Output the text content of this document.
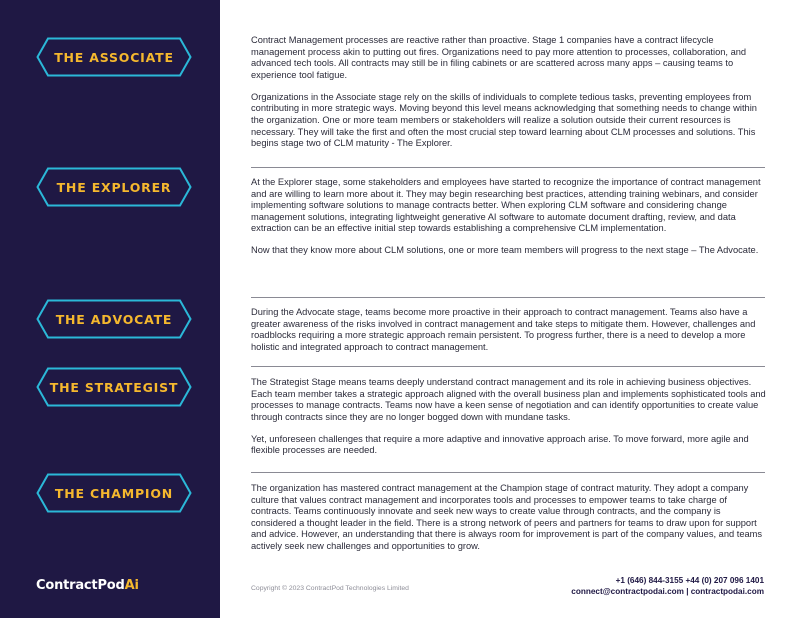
THE ASSOCIATE
THE EXPLORER
THE ADVOCATE
THE STRATEGIST
THE CHAMPION
ContractPodAi

Contract Management processes are reactive rather than proactive. Stage 1 companies have a contract lifecycle management process akin to putting out fires. Organizations need to pay more attention to processes, collaboration, and advanced tech tools. All contracts may still be in filing cabinets or are scattered across many apps – causing teams to experience tool fatigue.

Organizations in the Associate stage rely on the skills of individuals to complete tedious tasks, preventing employees from contributing in more strategic ways. Moving beyond this level means acknowledging that something needs to change within the organization. One or more team members or stakeholders will realize a solution outside their current resources is necessary. They will take the first and often the most crucial step toward learning about CLM processes and solutions. This begins stage two of CLM maturity - The Explorer.

At the Explorer stage, some stakeholders and employees have started to recognize the importance of contract management and are willing to learn more about it. They may begin researching best practices, attending training webinars, and consider implementing software solutions to manage contracts better. When exploring CLM software and considering change management solutions, integrating lightweight generative AI software to automate document drafting, review, and data extraction can be an effective initial step towards establishing a comprehensive CLM implementation.

Now that they know more about CLM solutions, one or more team members will progress to the next stage – The Advocate.

During the Advocate stage, teams become more proactive in their approach to contract management. Teams also have a greater awareness of the risks involved in contract management and take steps to mitigate them. However, challenges and roadblocks requiring a more strategic approach remain persistent. To progress further, there is a need to develop a more holistic and integrated approach to contract management.

The Strategist Stage means teams deeply understand contract management and its role in achieving business objectives. Each team member takes a strategic approach aligned with the overall business plan and implements sophisticated tools and processes to manage contracts. Teams now have a keen sense of negotiation and can identify opportunities to create value through contracts since they are no longer bogged down with mundane tasks.

Yet, unforeseen challenges that require a more adaptive and innovative approach arise. To move forward, more agile and flexible processes are needed.

The organization has mastered contract management at the Champion stage of contract maturity. They adopt a company culture that values contract management and incorporates tools and processes to empower teams to take charge of contracts. Teams continuously innovate and seek new ways to create value through contracts, and the company is considered a thought leader in the field. There is a strong network of peers and partners for teams to draw upon for support and advice. However, an understanding that there is always room for improvement is part of the company values, and teams actively seek new challenges and opportunities to grow.

Copyright © 2023 ContractPod Technologies Limited
+1 (646) 844-3155 +44 (0) 207 096 1401
connect@contractpodai.com | contractpodai.com
